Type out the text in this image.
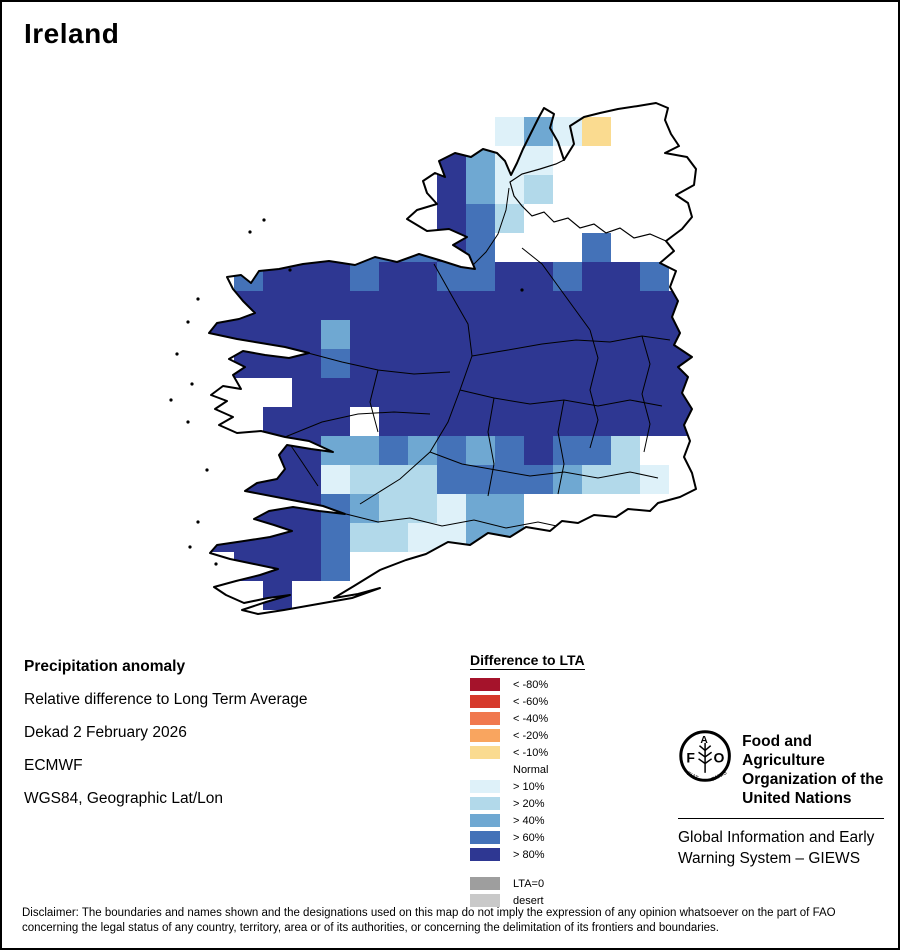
Ireland
Precipitation anomaly
Relative difference to Long Term Average
Dekad 2 February 2026
ECMWF
WGS84, Geographic Lat/Lon
Difference to LTA
< -80%
< -60%
< -40%
< -20%
< -10%
Normal
> 10%
> 20%
> 40%
> 60%
> 80%
LTA=0
desert
F
A
O
FIAT PANIS
Food and Agriculture
Organization of the
United Nations
Global Information and Early
Warning System – GIEWS
Disclaimer: The boundaries and names shown and the designations used on this map do not imply the expression of any opinion whatsoever on the part of FAO
concerning the legal status of any country, territory, area or of its authorities, or concerning the delimitation of its frontiers and boundaries.
